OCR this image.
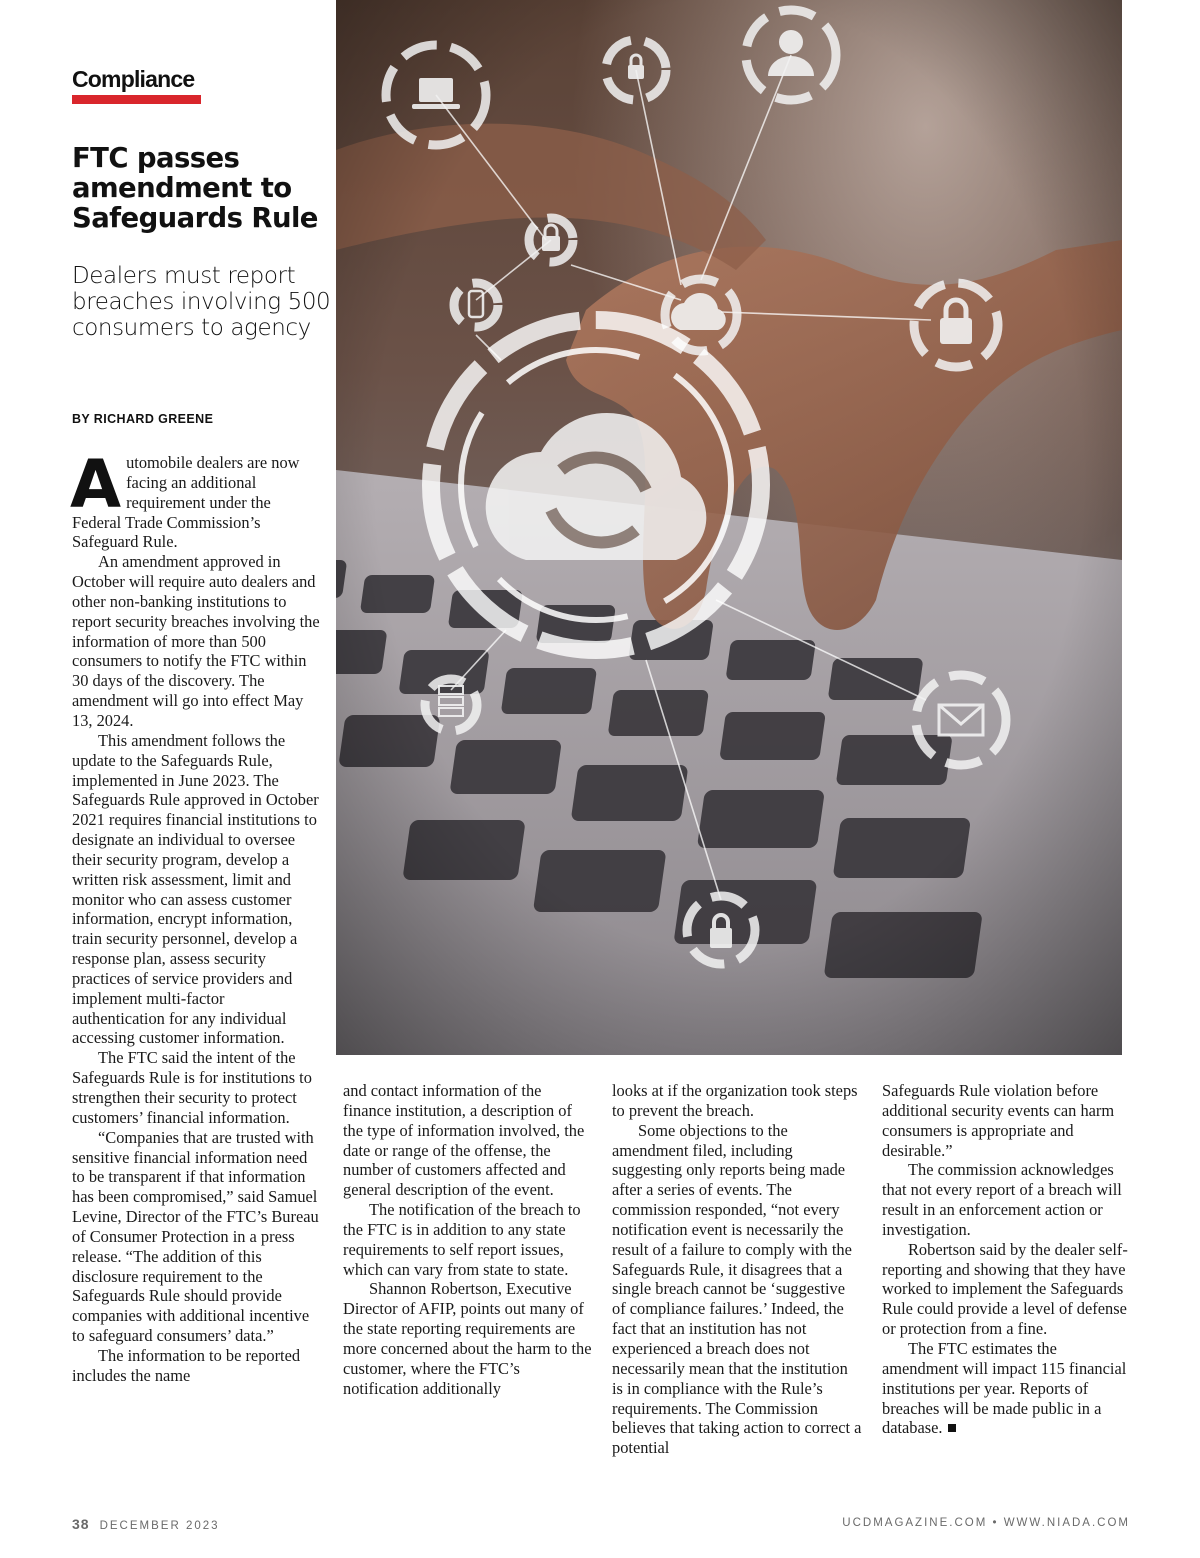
Compliance
FTC passes amendment to Safeguards Rule
Dealers must report breaches involving 500 consumers to agency
BY RICHARD GREENE

Automobile dealers are now facing an additional requirement under the Federal Trade Commission’s Safeguard Rule.

An amendment approved in October will require auto dealers and other non-banking institutions to report security breaches involving the information of more than 500 consumers to notify the FTC within 30 days of the discovery. The amendment will go into effect May 13, 2024.

This amendment follows the update to the Safeguards Rule, implemented in June 2023. The Safeguards Rule approved in October 2021 requires financial institutions to designate an individual to oversee their security program, develop a written risk assessment, limit and monitor who can assess customer information, encrypt information, train security personnel, develop a response plan, assess security practices of service providers and implement multi-factor authentication for any individual accessing customer information.

The FTC said the intent of the Safeguards Rule is for institutions to strengthen their security to protect customers’ financial information.

“Companies that are trusted with sensitive financial information need to be transparent if that information has been compromised,” said Samuel Levine, Director of the FTC’s Bureau of Consumer Protection in a press release. “The addition of this disclosure requirement to the Safeguards Rule should provide companies with additional incentive to safeguard consumers’ data.”

The information to be reported includes the name

and contact information of the finance institution, a description of the type of information involved, the date or range of the offense, the number of customers affected and general description of the event.

The notification of the breach to the FTC is in addition to any state requirements to self report issues, which can vary from state to state.

Shannon Robertson, Executive Director of AFIP, points out many of the state reporting requirements are more concerned about the harm to the customer, where the FTC’s notification additionally

looks at if the organization took steps to prevent the breach.

Some objections to the amendment filed, including suggesting only reports being made after a series of events. The commission responded, “not every notification event is necessarily the result of a failure to comply with the Safeguards Rule, it disagrees that a single breach cannot be ‘suggestive of compliance failures.’ Indeed, the fact that an institution has not experienced a breach does not necessarily mean that the institution is in compliance with the Rule’s requirements. The Commission believes that taking action to correct a potential

Safeguards Rule violation before additional security events can harm consumers is appropriate and desirable.”

The commission acknowledges that not every report of a breach will result in an enforcement action or investigation.

Robertson said by the dealer self-reporting and showing that they have worked to implement the Safeguards Rule could provide a level of defense or protection from a fine.

The FTC estimates the amendment will impact 115 financial institutions per year. Reports of breaches will be made public in a database.

38 DECEMBER 2023	UCDMAGAZINE.COM • WWW.NIADA.COM
